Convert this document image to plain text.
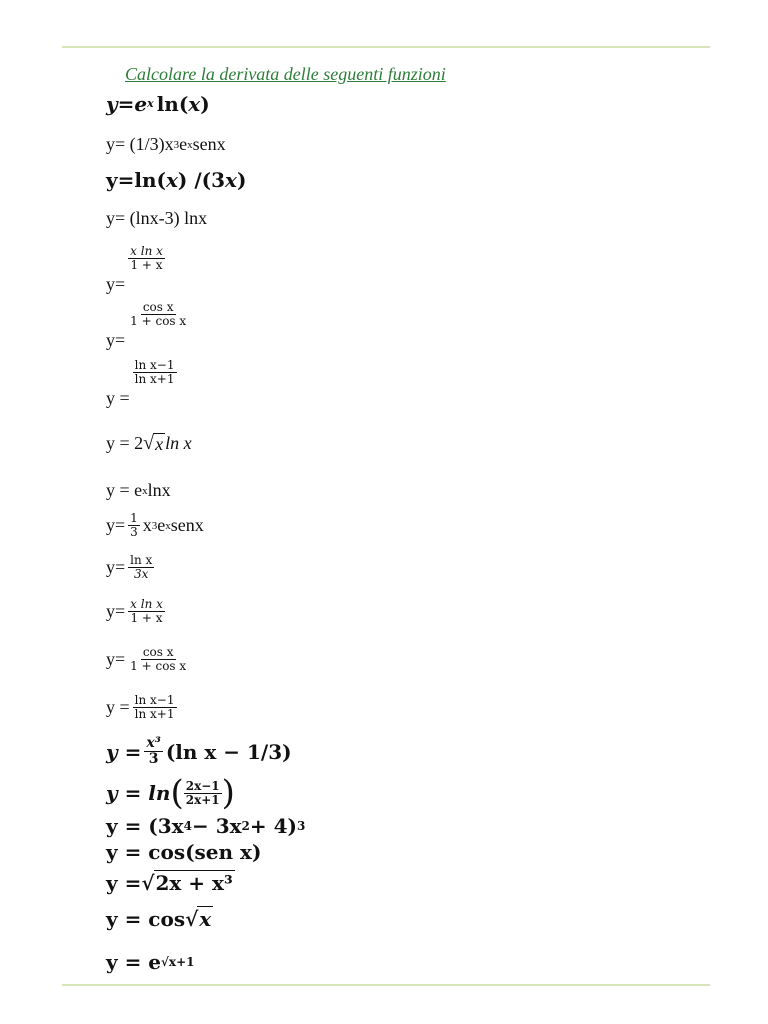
Calcolare la derivata delle seguenti funzioni
y = e x ln( x )
y= (1/3)x 3 e x senx
y=ln( x ) /(3 x )
y= (lnx-3) lnx
y=
$\frac{\text{x ln x}}{1 + x}$
y=
$\frac{\text{cos x}}{\text{1 + cos x}}$
y =
$\frac{\text{ln x−1}}{\text{ln x+1}}$
y = 2 √ x ln x
y = e x lnx
$y= \frac{1}{3}$ x 3 e x senx
$y= \frac{\text{ln x}}{3x}$
$y= \frac{\text{x ln x}}{1 + x}$
$y= \frac{\text{cos x}}{\text{1 + cos x}}$
$y = \frac{\text{ln x−1}}{\text{ln x+1}}$
$y = \frac{\text{x³}}{3} (\ln$ x − 1/3)
y = ln ( $\frac{2x-1}{2x+1}$ )
y = (3x 4 − 3x 2 + 4) 3
y = cos(sen x)
y = √ 2x + x³
y = cos √ x
y = e √x+1
